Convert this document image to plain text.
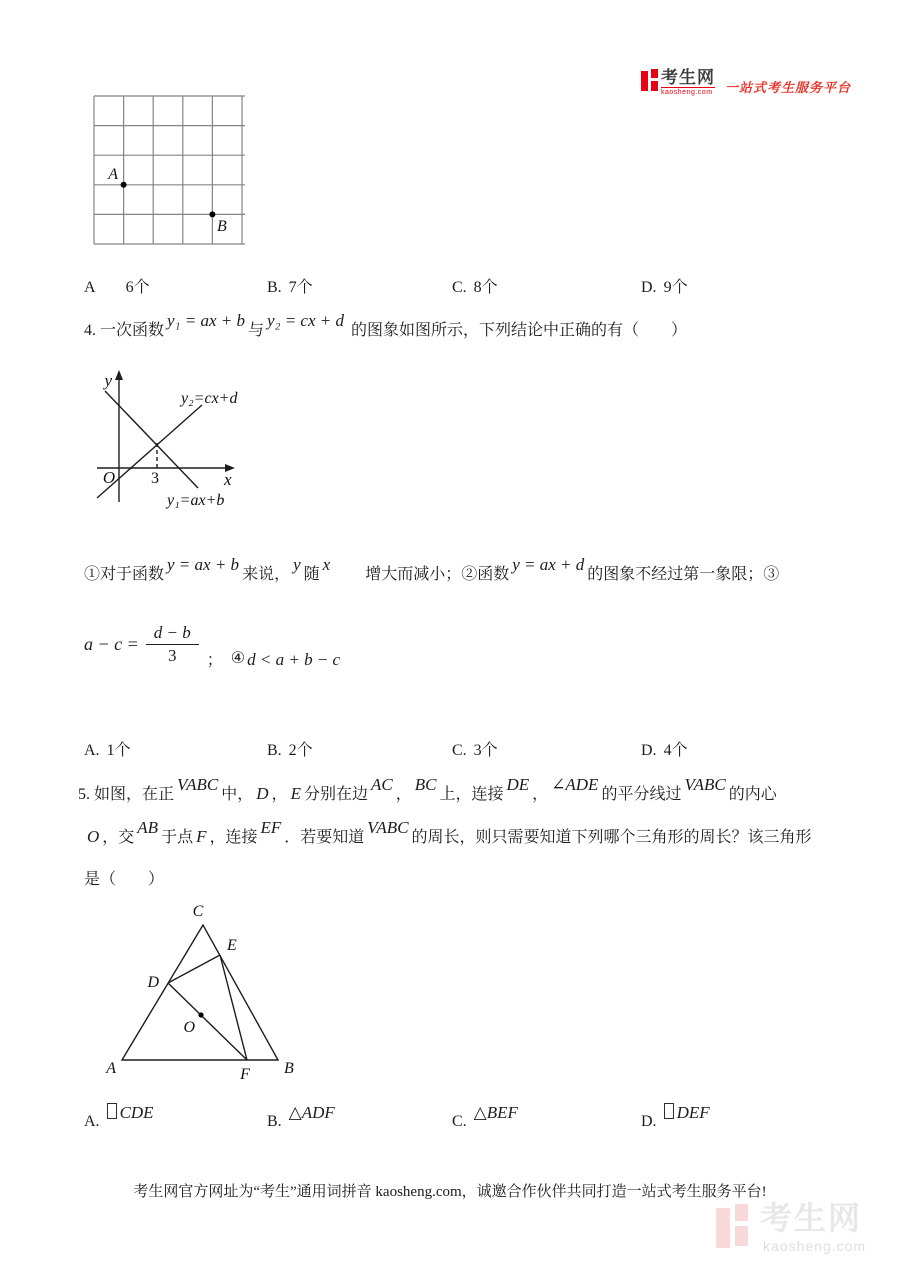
考生网
kaosheng.com 一站式考生服务平台
A
B
A 6个	B. 7个	C. 8个	D. 9个
4. 一次函数y₁ = ax + b与y₂ = cx + d 的图象如图所示，下列结论中正确的有（　　）
y
x
O 3
y₂=cx+d
y₁=ax+b
①对于函数y = ax + b来说，y随x　　增大而减小；②函数y = ax + d的图象不经过第一象限；③
$a - c = \frac{d - b}{3}$ ； ④ d < a + b − c
A. 1个	B. 2个	C. 3个	D. 4个
5. 如图，在正VABC中， D ， E 分别在边AC，BC上，连接DE，∠ADE的平分线过VABC的内心
O ，交AB于点 F ，连接EF．若要知道VABC的周长，则只需要知道下列哪个三角形的周长？该三角形
是（　　）
A	B
C
D
E
F
O
A. CDE	B. △ADF	C. △BEF	D. DEF
考生网官方网址为“考生”通用词拼音 kaosheng.com，诚邀合作伙伴共同打造一站式考生服务平台!
考生网
kaosheng.com
